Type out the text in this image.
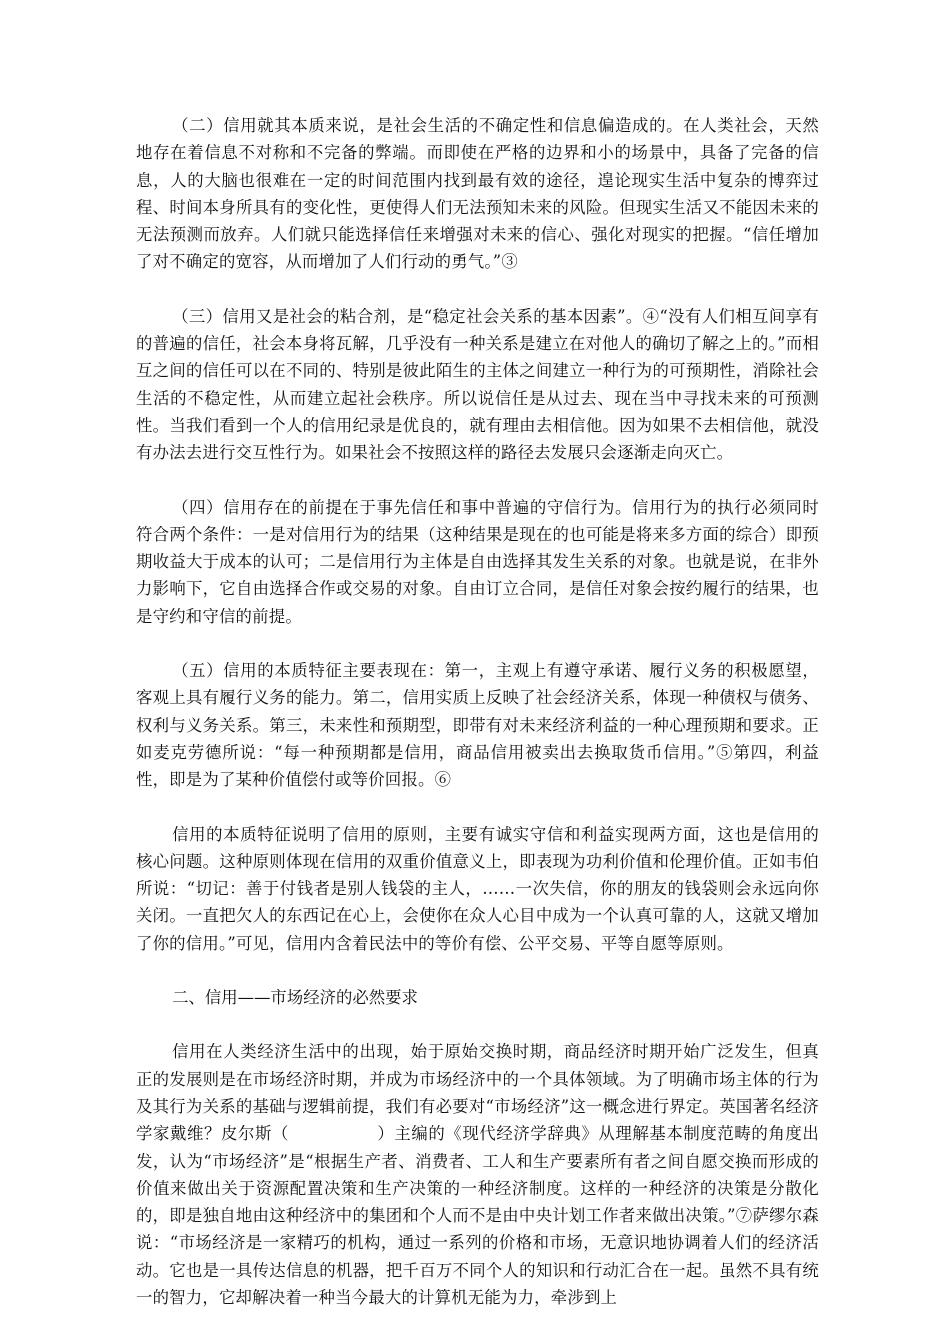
（二）信用就其本质来说，是社会生活的不确定性和信息偏造成的。在人类社会，天然地存在着信息不对称和不完备的弊端。而即使在严格的边界和小的场景中，具备了完备的信息，人的大脑也很难在一定的时间范围内找到最有效的途径，遑论现实生活中复杂的博弈过程、时间本身所具有的变化性，更使得人们无法预知未来的风险。但现实生活又不能因未来的无法预测而放弃。人们就只能选择信任来增强对未来的信心、强化对现实的把握。“信任增加了对不确定的宽容，从而增加了人们行动的勇气。”③

（三）信用又是社会的粘合剂，是“稳定社会关系的基本因素”。④“没有人们相互间享有的普遍的信任，社会本身将瓦解，几乎没有一种关系是建立在对他人的确切了解之上的。”而相互之间的信任可以在不同的、特别是彼此陌生的主体之间建立一种行为的可预期性，消除社会生活的不稳定性，从而建立起社会秩序。所以说信任是从过去、现在当中寻找未来的可预测性。当我们看到一个人的信用纪录是优良的，就有理由去相信他。因为如果不去相信他，就没有办法去进行交互性行为。如果社会不按照这样的路径去发展只会逐渐走向灭亡。

（四）信用存在的前提在于事先信任和事中普遍的守信行为。信用行为的执行必须同时符合两个条件：一是对信用行为的结果（这种结果是现在的也可能是将来多方面的综合）即预期收益大于成本的认可；二是信用行为主体是自由选择其发生关系的对象。也就是说，在非外力影响下，它自由选择合作或交易的对象。自由订立合同，是信任对象会按约履行的结果，也是守约和守信的前提。

（五）信用的本质特征主要表现在：第一，主观上有遵守承诺、履行义务的积极愿望，客观上具有履行义务的能力。第二，信用实质上反映了社会经济关系，体现一种债权与债务、权利与义务关系。第三，未来性和预期型，即带有对未来经济利益的一种心理预期和要求。正如麦克劳德所说：“每一种预期都是信用，商品信用被卖出去换取货币信用。”⑤第四，利益性，即是为了某种价值偿付或等价回报。⑥

信用的本质特征说明了信用的原则，主要有诚实守信和利益实现两方面，这也是信用的核心问题。这种原则体现在信用的双重价值意义上，即表现为功利价值和伦理价值。正如韦伯所说：“切记：善于付钱者是别人钱袋的主人，……一次失信，你的朋友的钱袋则会永远向你关闭。一直把欠人的东西记在心上，会使你在众人心目中成为一个认真可靠的人，这就又增加了你的信用。”可见，信用内含着民法中的等价有偿、公平交易、平等自愿等原则。

二、信用——市场经济的必然要求

信用在人类经济生活中的出现，始于原始交换时期，商品经济时期开始广泛发生，但真正的发展则是在市场经济时期，并成为市场经济中的一个具体领域。为了明确市场主体的行为及其行为关系的基础与逻辑前提，我们有必要对“市场经济”这一概念进行界定。英国著名经济学家戴维？皮尔斯（	）主编的《现代经济学辞典》从理解基本制度范畴的角度出发，认为“市场经济”是“根据生产者、消费者、工人和生产要素所有者之间自愿交换而形成的价值来做出关于资源配置决策和生产决策的一种经济制度。这样的一种经济的决策是分散化的，即是独自地由这种经济中的集团和个人而不是由中央计划工作者来做出决策。”⑦萨缪尔森说：“市场经济是一家精巧的机构，通过一系列的价格和市场，无意识地协调着人们的经济活动。它也是一具传达信息的机器，把千百万不同个人的知识和行动汇合在一起。虽然不具有统一的智力，它却解决着一种当今最大的计算机无能为力，牵涉到上
